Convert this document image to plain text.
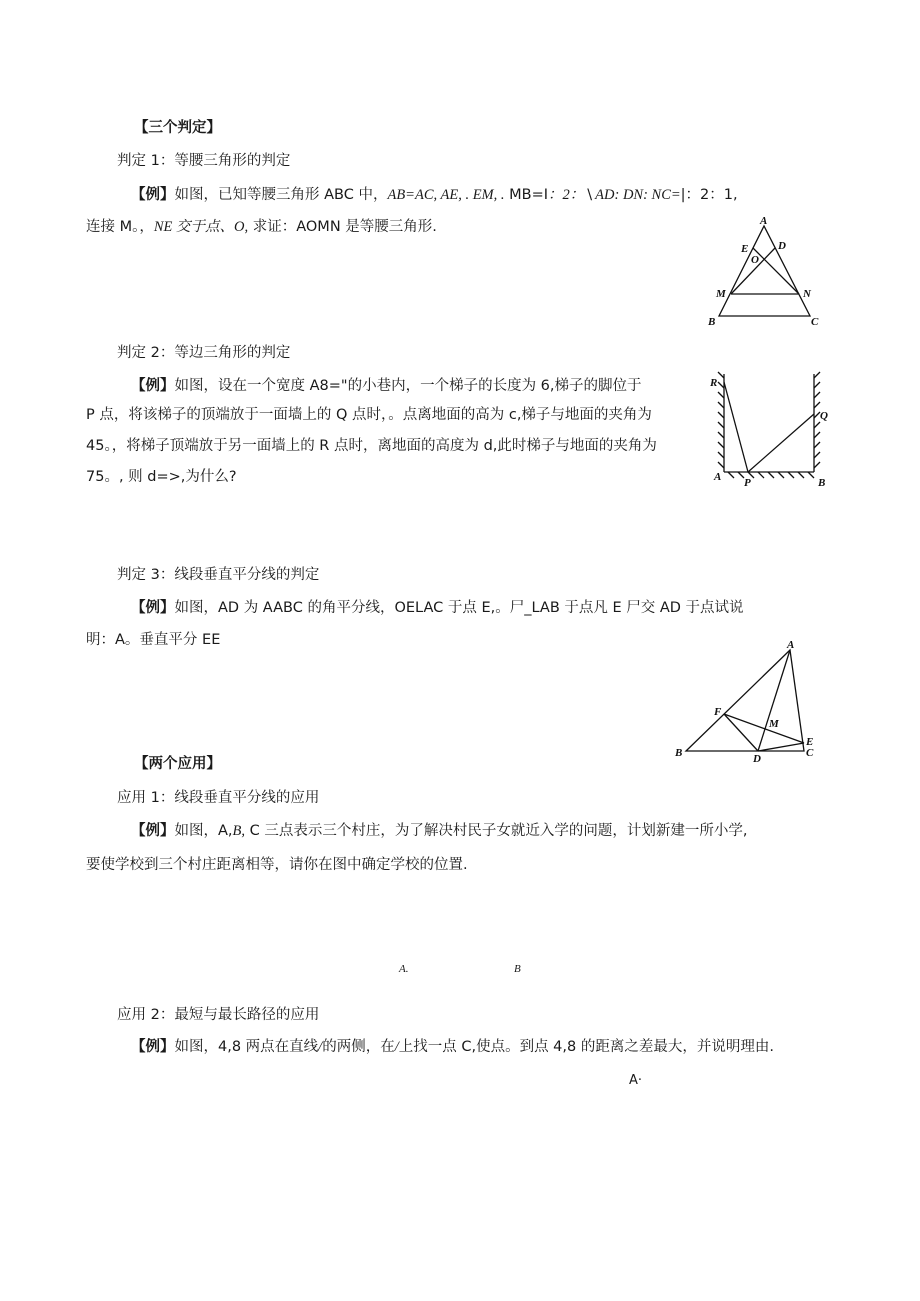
【三个判定】
判定 1：等腰三角形的判定
【例】如图，已知等腰三角形 ABC 中，AB=AC, AE, . EM, . MB=I：2： \ AD: DN: NC=|：2：1,
连接 M。，NE 交于点、O, 求证：AOMN 是等腰三角形.	A
E	D
O
M	N
B	C
判定 2：等边三角形的判定
【例】如图，设在一个宽度 A8="的小巷内，一个梯子的长度为 6,梯子的脚位于
P 点，将该梯子的顶端放于一面墙上的 Q 点时，。点离地面的高为 c,梯子与地面的夹角为
45。，将梯子顶端放于另一面墙上的 R 点时，离地面的高度为 d,此时梯子与地面的夹角为
75。, 则 d=>,为什么?
R
Q
A P	B
判定 3：线段垂直平分线的判定
【例】如图，AD 为 AABC 的角平分线，OELAC 于点 E,。尸_LAB 于点凡 E 尸交 AD 于点试说
明：A。垂直平分 EE	A
F
M
E
B	D	C
【两个应用】
应用 1：线段垂直平分线的应用
【例】如图，A,B, C 三点表示三个村庄，为了解决村民子女就近入学的问题，计划新建一所小学,
要使学校到三个村庄距离相等，请你在图中确定学校的位置.
A.	B
应用 2：最短与最长路径的应用
【例】如图，4,8 两点在直线/的两侧，在/上找一点 C,使点。到点 4,8 的距离之差最大，并说明理由.
A·
